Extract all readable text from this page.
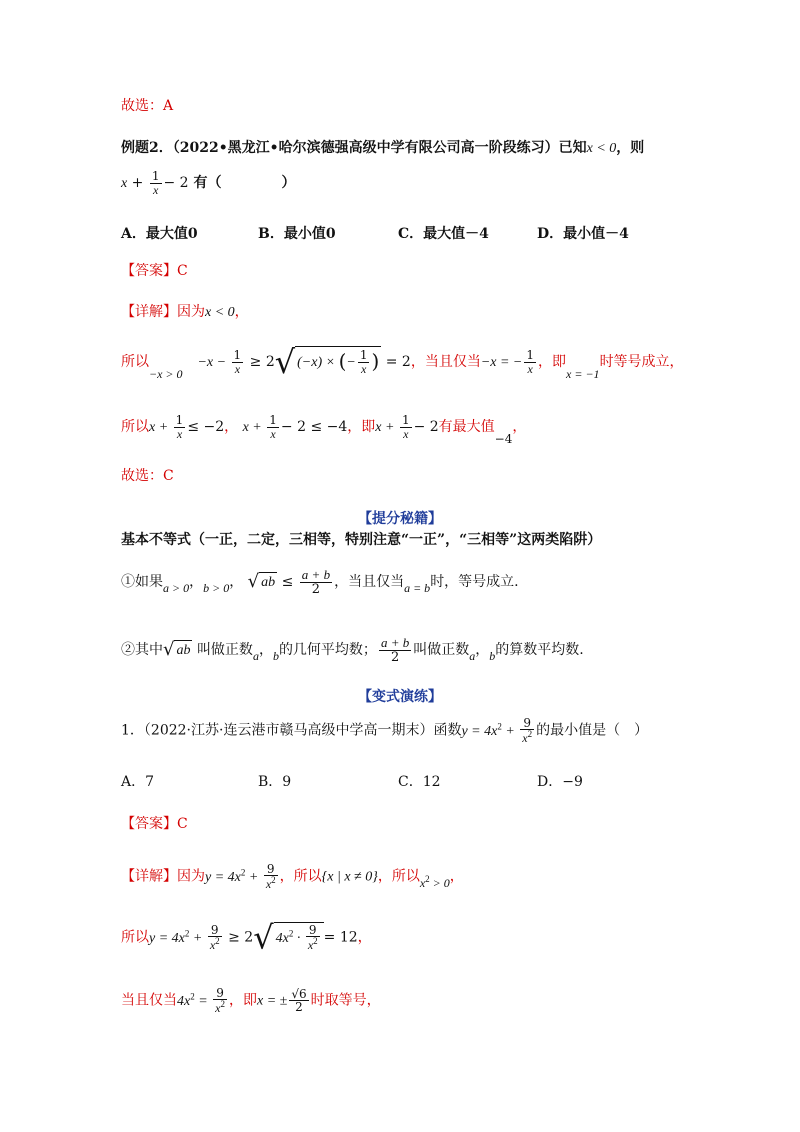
故选：A
例题2．（2022•黑龙江•哈尔滨德强高级中学有限公司高一阶段练习）已知x < 0，则
$x + \frac{1}{x} - 2$ 有（	）
A．最大值0	B．最小值0	C．最大值－4	D．最小值－4
【答案】C
【详解】因为x < 0，
所以$-x > 0 -x - \frac{1}{x} \ge 2√$ (−x) × (− $\frac{1}{x}$ ) = 2，当且仅当−x = − $\frac{1}{x}$ ，即x = −1时等号成立，
所以$x + \frac{1}{x} \le -2$， $x + \frac{1}{x} - 2 \le -4$，即$x + \frac{1}{x} - 2$有最大值−4，
故选：C
【提分秘籍】
基本不等式（一正，二定，三相等，特别注意“一正”，“三相等”这两类陷阱）
①如果a > 0，b > 0， √ ab ≤ $\frac{a + b}{2}$ ，当且仅当a = b时，等号成立.
②其中√ ab 叫做正数a，b的几何平均数； $\frac{a + b}{2}$ 叫做正数a，b的算数平均数.
【变式演练】
1．（2022·江苏·连云港市赣马高级中学高一期末）函数$y = 4x^2 + \frac{9}{x^2}$ 的最小值是（　）
A．7	B．9	C．12	D．−9
【答案】C
【详解】因为$y = 4x^2 + \frac{9}{x^2}$ ，所以{x | x ≠ 0}，所以$x^2 > 0$，
所以$y = 4x^2 + \frac{9}{x^2} \ge 2√$ $4x^2 \cdot \frac{9}{x^2} = 12$，
当且仅当$4x^2 = \frac{9}{x^2}$ ，即x = ± $\frac{√6}{2}$ 时取等号，
